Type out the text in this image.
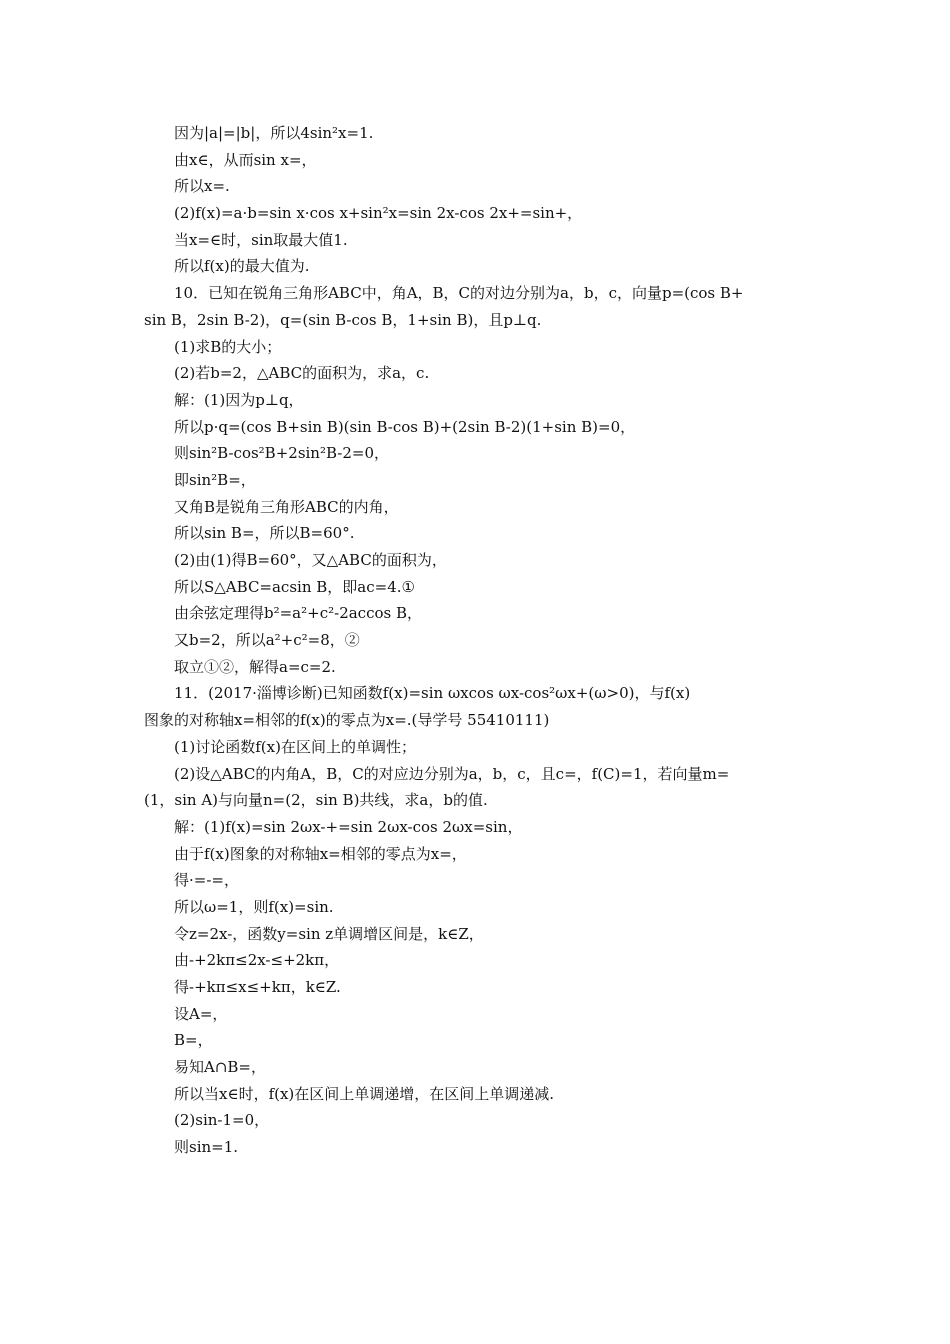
因为|a|=|b|，所以4sin²x=1.
由x∈，从而sin x=，
所以x=.
(2)f(x)=a·b=sin x·cos x+sin²x=sin 2x-cos 2x+=sin+，
当x=∈时，sin取最大值1.
所以f(x)的最大值为.
10．已知在锐角三角形ABC中，角A，B，C的对边分别为a，b，c，向量p=(cos B+
sin B，2sin B-2)，q=(sin B-cos B，1+sin B)，且p⊥q.
(1)求B的大小；
(2)若b=2，△ABC的面积为，求a，c.
解：(1)因为p⊥q，
所以p·q=(cos B+sin B)(sin B-cos B)+(2sin B-2)(1+sin B)=0，
则sin²B-cos²B+2sin²B-2=0，
即sin²B=，
又角B是锐角三角形ABC的内角，
所以sin B=，所以B=60°.
(2)由(1)得B=60°，又△ABC的面积为，
所以S△ABC=acsin B，即ac=4.①
由余弦定理得b²=a²+c²-2accos B，
又b=2，所以a²+c²=8，②
取立①②，解得a=c=2.
11．(2017·淄博诊断)已知函数f(x)=sin ωxcos ωx-cos²ωx+(ω>0)，与f(x)
图象的对称轴x=相邻的f(x)的零点为x=.(导学号 55410111)
(1)讨论函数f(x)在区间上的单调性；
(2)设△ABC的内角A，B，C的对应边分别为a，b，c，且c=，f(C)=1，若向量m=
(1，sin A)与向量n=(2，sin B)共线，求a，b的值.
解：(1)f(x)=sin 2ωx-+=sin 2ωx-cos 2ωx=sin，
由于f(x)图象的对称轴x=相邻的零点为x=，
得·=-=，
所以ω=1，则f(x)=sin.
令z=2x-，函数y=sin z单调增区间是，k∈Z，
由-+2kπ≤2x-≤+2kπ，
得-+kπ≤x≤+kπ，k∈Z.
设A=，
B=，
易知A∩B=，
所以当x∈时，f(x)在区间上单调递增，在区间上单调递减.
(2)sin-1=0，
则sin=1.
